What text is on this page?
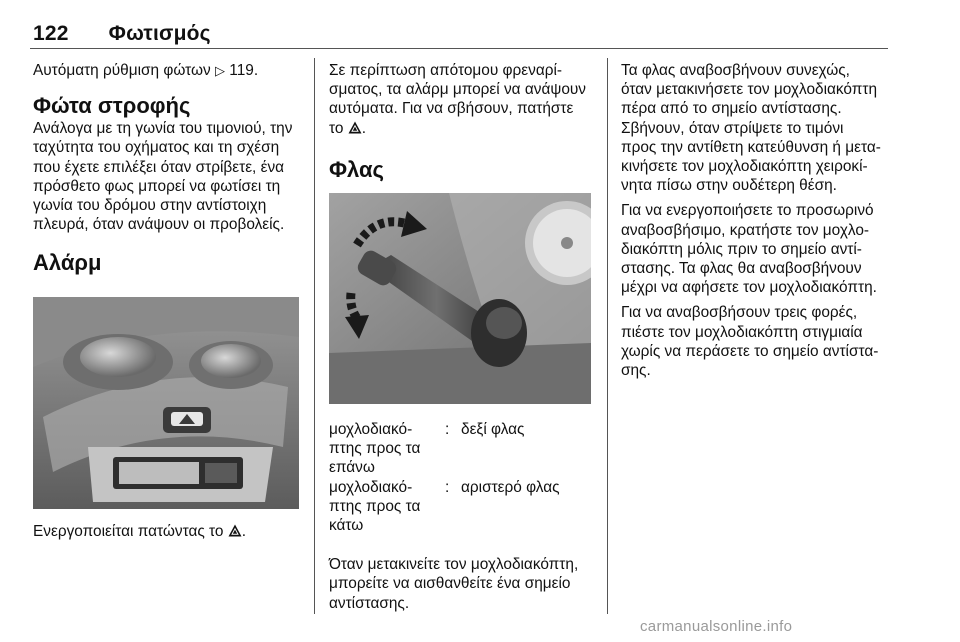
122 Φωτισμός

Αυτόματη ρύθμιση φώτων ▷ 119.

Φώτα στροφής

Ανάλογα με τη γωνία του τιμονιού, την
ταχύτητα του οχήματος και τη σχέση
που έχετε επιλέξει όταν στρίβετε, ένα
πρόσθετο φως μπορεί να φωτίσει τη
γωνία του δρόμου στην αντίστοιχη
πλευρά, όταν ανάψουν οι προβολείς.

Αλάρμ

Ενεργοποιείται πατώντας το .

Σε περίπτωση απότομου φρεναρί-
σματος, τα αλάρμ μπορεί να ανάψουν
αυτόματα. Για να σβήσουν, πατήστε
το .

Φλας
μοχλοδιακό-
πτης προς τα
επάνω	:	δεξί φλας
μοχλοδιακό-
πτης προς τα
κάτω	:	αριστερό φλας

Όταν μετακινείτε τον μοχλοδιακόπτη,
μπορείτε να αισθανθείτε ένα σημείο
αντίστασης.

Τα φλας αναβοσβήνουν συνεχώς,
όταν μετακινήσετε τον μοχλοδιακόπτη
πέρα από το σημείο αντίστασης.
Σβήνουν, όταν στρίψετε το τιμόνι
προς την αντίθετη κατεύθυνση ή μετα-
κινήσετε τον μοχλοδιακόπτη χειροκί-
νητα πίσω στην ουδέτερη θέση.

Για να ενεργοποιήσετε το προσωρινό
αναβοσβήσιμο, κρατήστε τον μοχλο-
διακόπτη μόλις πριν το σημείο αντί-
στασης. Τα φλας θα αναβοσβήνουν
μέχρι να αφήσετε τον μοχλοδιακόπτη.

Για να αναβοσβήσουν τρεις φορές,
πιέστε τον μοχλοδιακόπτη στιγμιαία
χωρίς να περάσετε το σημείο αντίστα-
σης.

carmanualsonline.info
